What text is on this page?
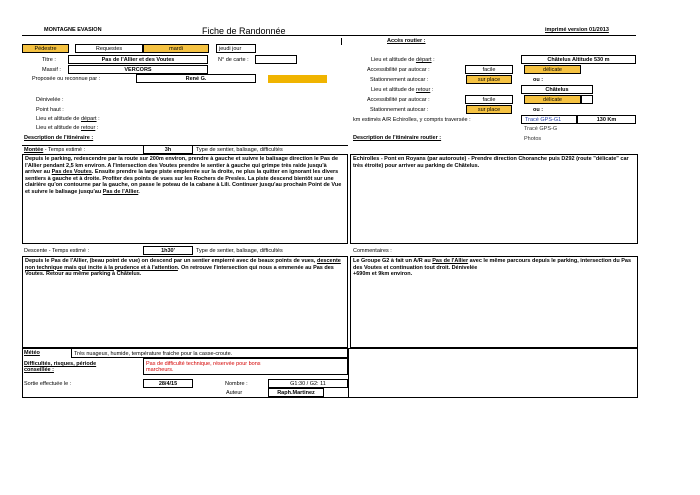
MONTAGNE EVASION	Fiche de Randonnée	imprimé version 01/2013
Pédestre	Requestes	mardi	jeudi jour
Titre :	Pas de l'Allier et des Voutes	N° de carte :
Massif :	VERCORS
Proposée ou reconnue par :	René G.
Dénivelée :
Point haut :
Lieu et altitude de départ :
Lieu et altitude de retour :
Description de l'itinéraire :
Accès routier :
Lieu et altitude de départ :	Châtelus Altitude 530 m
Accessibilité par autocar :	facile	délicate
Stationnement autocar :	sur place	ou :
Lieu et altitude de retour :	Châtelus
Accessibilité par autocar :	facile	délicate
Stationnement autocar :	sur place	ou :
km estimés A/R Echirolles, y compris traversée :	Tracé GPS-G1	130 Km
Tracé GPS-G
Description de l'itinéraire routier :	Photos
Montée - Temps estimé :	3h	Type de sentier, balisage, difficultés
Depuis le parking, redescendre par la route sur 200m environ, prendre à gauche et suivre le balisage direction le Pas de l'Allier pendant 2,5 km environ. A l'intersection des Voutes prendre le sentier à gauche qui grimpe très raide jusqu'à arriver au Pas des Voutes. Ensuite prendre la large piste empierrée sur la droite, ne plus la quitter en ignorant les divers sentiers à gauche et à droite. Profiter des points de vues sur les Rochers de Presles. La piste descend bientôt sur une clairière qu'on contourne par la gauche, on passe le poteau de la cabane à Lili. Continuer jusqu'au prochain Point de Vue et suivre le balisage jusqu'au Pas de l'Allier.
Echirolles - Pont en Royans (par autoroute) - Prendre direction Choranche puis D292 (route "délicate" car très étroite) pour arriver au parking de Châtelus.
Descente - Temps estimé :	1h30'	Type de sentier, balisage, difficultés	Commentaires :
Depuis le Pas de l'Allier, (beau point de vue) on descend par un sentier empierré avec de beaux points de vues, descente non technique mais qui incite à la prudence et à l'attention. On retrouve l'intersection qui nous a emmenée au Pas des Voutes. Retour au même parking à Châtelus.
Le Groupe G2 à fait un A/R au Pas de l'Allier avec le même parcours depuis le parking, intersection du Pas des Voutes et continuation tout droit. Dénivelée
+690m et 9km environ.
Météo	Très nuageux, humide, température fraiche pour la casse-croute.
Difficultés, risques, période
conseillée :
Pas de difficulté technique, réservée pour bons
marcheurs.
Sortie effectuée le :	28/4/15	Nombre :	G1:30 / G2: 11
Auteur	Raph.Martinez
